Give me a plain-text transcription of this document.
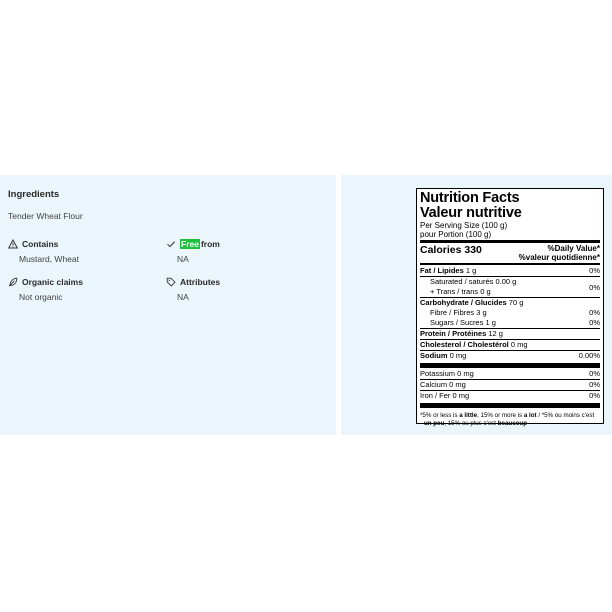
Ingredients
Tender Wheat Flour
Contains
Mustard, Wheat
Free from
NA
Organic claims
Not organic
Attributes
NA
Nutrition Facts
Valeur nutritive
Per Serving Size (100 g)
pour Portion (100 g)
Calories 330	%Daily Value*
%valeur quotidienne*
Fat / Lipides 1 g	0%
Saturated / saturés 0.00 g
+ Trans / trans 0 g	0%
Carbohydrate / Glucides 70 g
Fibre / Fibres 3 g	0%
Sugars / Sucres 1 g	0%
Protein / Protéines 12 g
Cholesterol / Cholestérol 0 mg
Sodium 0 mg	0.00%
Potassium 0 mg	0%
Calcium 0 mg	0%
Iron / Fer 0 mg	0%
*5% or less is a little, 15% or more is a lot / *5% ou moins c'est
un peu, 15% ou plus c'est beaucoup
